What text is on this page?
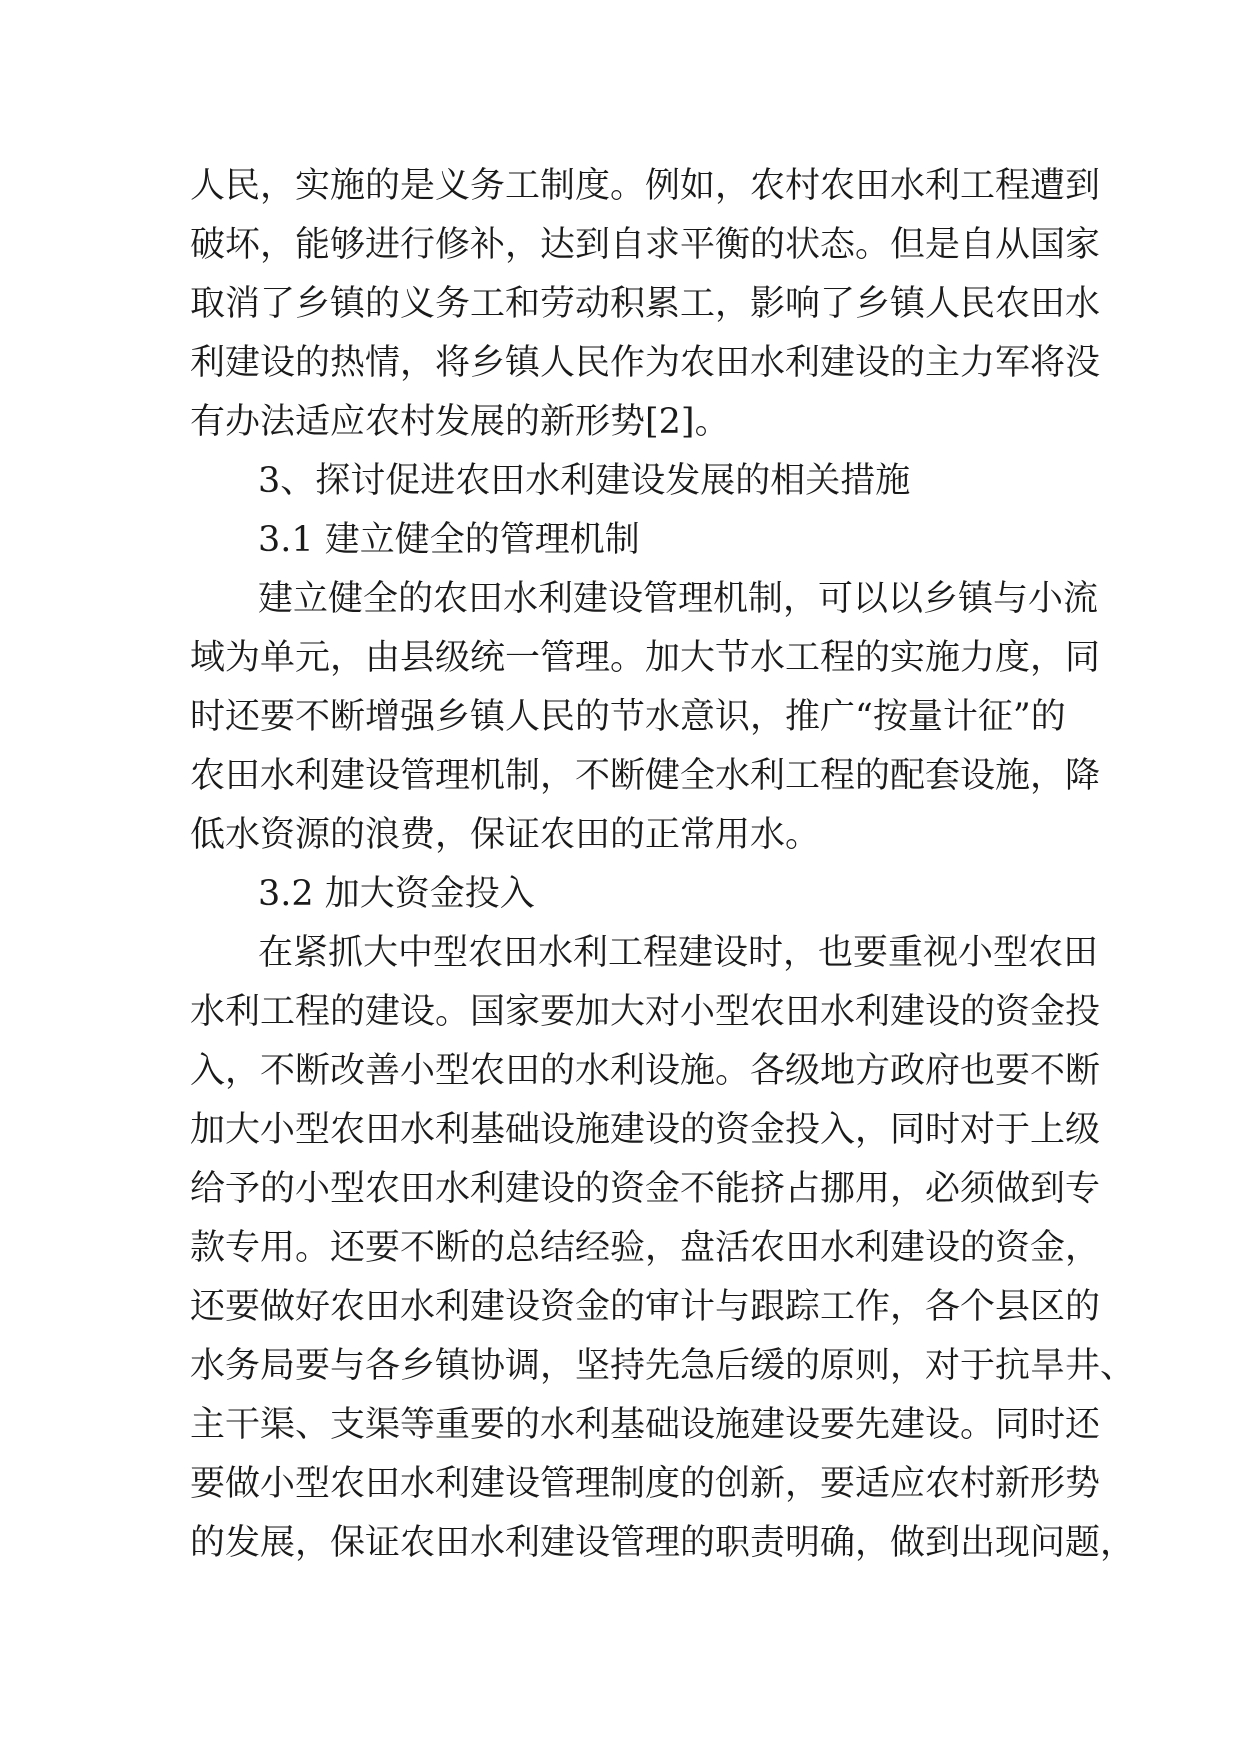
人民，实施的是义务工制度。例如，农村农田水利工程遭到
破坏，能够进行修补，达到自求平衡的状态。但是自从国家
取消了乡镇的义务工和劳动积累工，影响了乡镇人民农田水
利建设的热情，将乡镇人民作为农田水利建设的主力军将没
有办法适应农村发展的新形势[2]。
3、探讨促进农田水利建设发展的相关措施
3.1 建立健全的管理机制
建立健全的农田水利建设管理机制，可以以乡镇与小流
域为单元，由县级统一管理。加大节水工程的实施力度，同
时还要不断增强乡镇人民的节水意识，推广“按量计征”的
农田水利建设管理机制，不断健全水利工程的配套设施，降
低水资源的浪费，保证农田的正常用水。
3.2 加大资金投入
在紧抓大中型农田水利工程建设时，也要重视小型农田
水利工程的建设。国家要加大对小型农田水利建设的资金投
入，不断改善小型农田的水利设施。各级地方政府也要不断
加大小型农田水利基础设施建设的资金投入，同时对于上级
给予的小型农田水利建设的资金不能挤占挪用，必须做到专
款专用。还要不断的总结经验，盘活农田水利建设的资金，
还要做好农田水利建设资金的审计与跟踪工作，各个县区的
水务局要与各乡镇协调，坚持先急后缓的原则，对于抗旱井、
主干渠、支渠等重要的水利基础设施建设要先建设。同时还
要做小型农田水利建设管理制度的创新，要适应农村新形势
的发展，保证农田水利建设管理的职责明确，做到出现问题，
